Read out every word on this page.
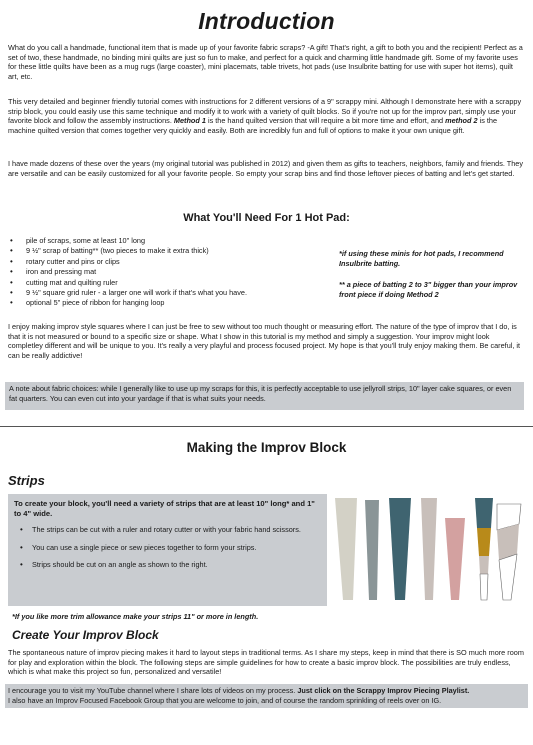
Introduction

What do you call a handmade, functional item that is made up of your favorite fabric scraps? -A gift! That's right, a gift to both you and the recipient! Perfect as a set of two, these handmade, no binding mini quilts are just so fun to make, and perfect for a quick and charming little handmade gift. Some of my favorite uses for these little quilts have been as a mug rugs (large coaster), mini placemats, table trivets, hot pads (use Insulbrite batting for use with super hot items), quilt art, etc.

This very detailed and beginner friendly tutorial comes with instructions for 2 different versions of a 9" scrappy mini. Although I demonstrate here with a scrappy strip block, you could easily use this same technique and modify it to work with a variety of quilt blocks. So if you're not up for the improv part, simply use your favorite block and follow the assembly instructions. Method 1 is the hand quilted version that will require a bit more time and effort, and method 2 is the machine quilted version that comes together very quickly and easily. Both are incredibly fun and full of options to make it your own unique gift.

I have made dozens of these over the years (my original tutorial was published in 2012) and given them as gifts to teachers, neighbors, family and friends. They are versatile and can be easily customized for all your favorite people. So empty your scrap bins and find those leftover pieces of batting and let's get started.

What You'll Need For 1 Hot Pad:
• pile of scraps, some at least 10" long
• 9 ½" scrap of batting** (two pieces to make it extra thick)
• rotary cutter and pins or clips
• iron and pressing mat
• cutting mat and quilting ruler
• 9 ½" square grid ruler - a larger one will work if that's what you have.
• optional 5" piece of ribbon for hanging loop

*if using these minis for hot pads, I recommend Insulbrite batting.

** a piece of batting 2 to 3" bigger than your improv front piece if doing Method 2

I enjoy making improv style squares where I can just be free to sew without too much thought or measuring effort. The nature of the type of improv that I do, is that it is not measured or bound to a specific size or shape. What I show in this tutorial is my method and simply a suggestion. Your improv might look completley different and will be unique to you. It's really a very playful and process focused project. My hope is that you'll truly enjoy making them. Be careful, it can be really addictive!

A note about fabric choices: while I generally like to use up my scraps for this, it is perfectly acceptable to use jellyroll strips, 10" layer cake squares, or even fat quarters. You can even cut into your yardage if that is what suits your needs.
Making the Improv Block
Strips

To create your block, you'll need a variety of strips that are at least 10" long* and 1" to 4" wide.

• The strips can be cut with a ruler and rotary cutter or with your fabric hand scissors.
• You can use a single piece or sew pieces together to form your strips.
• Strips should be cut on an angle as shown to the right.

*If you like more trim allowance make your strips 11" or more in length.

Create Your Improv Block

The spontaneous nature of improv piecing makes it hard to layout steps in traditional terms. As I share my steps, keep in mind that there is SO much more room for play and exploration within the block. The following steps are simple guidelines for how to create a basic improv block. The possibilities are truly endless, which is what make this project so fun, personalized and versatile!

I encourage you to visit my YouTube channel where I share lots of videos on my process. Just click on the Scrappy Improv Piecing Playlist.
I also have an Improv Focused Facebook Group that you are welcome to join, and of course the random sprinkling of reels over on IG.
